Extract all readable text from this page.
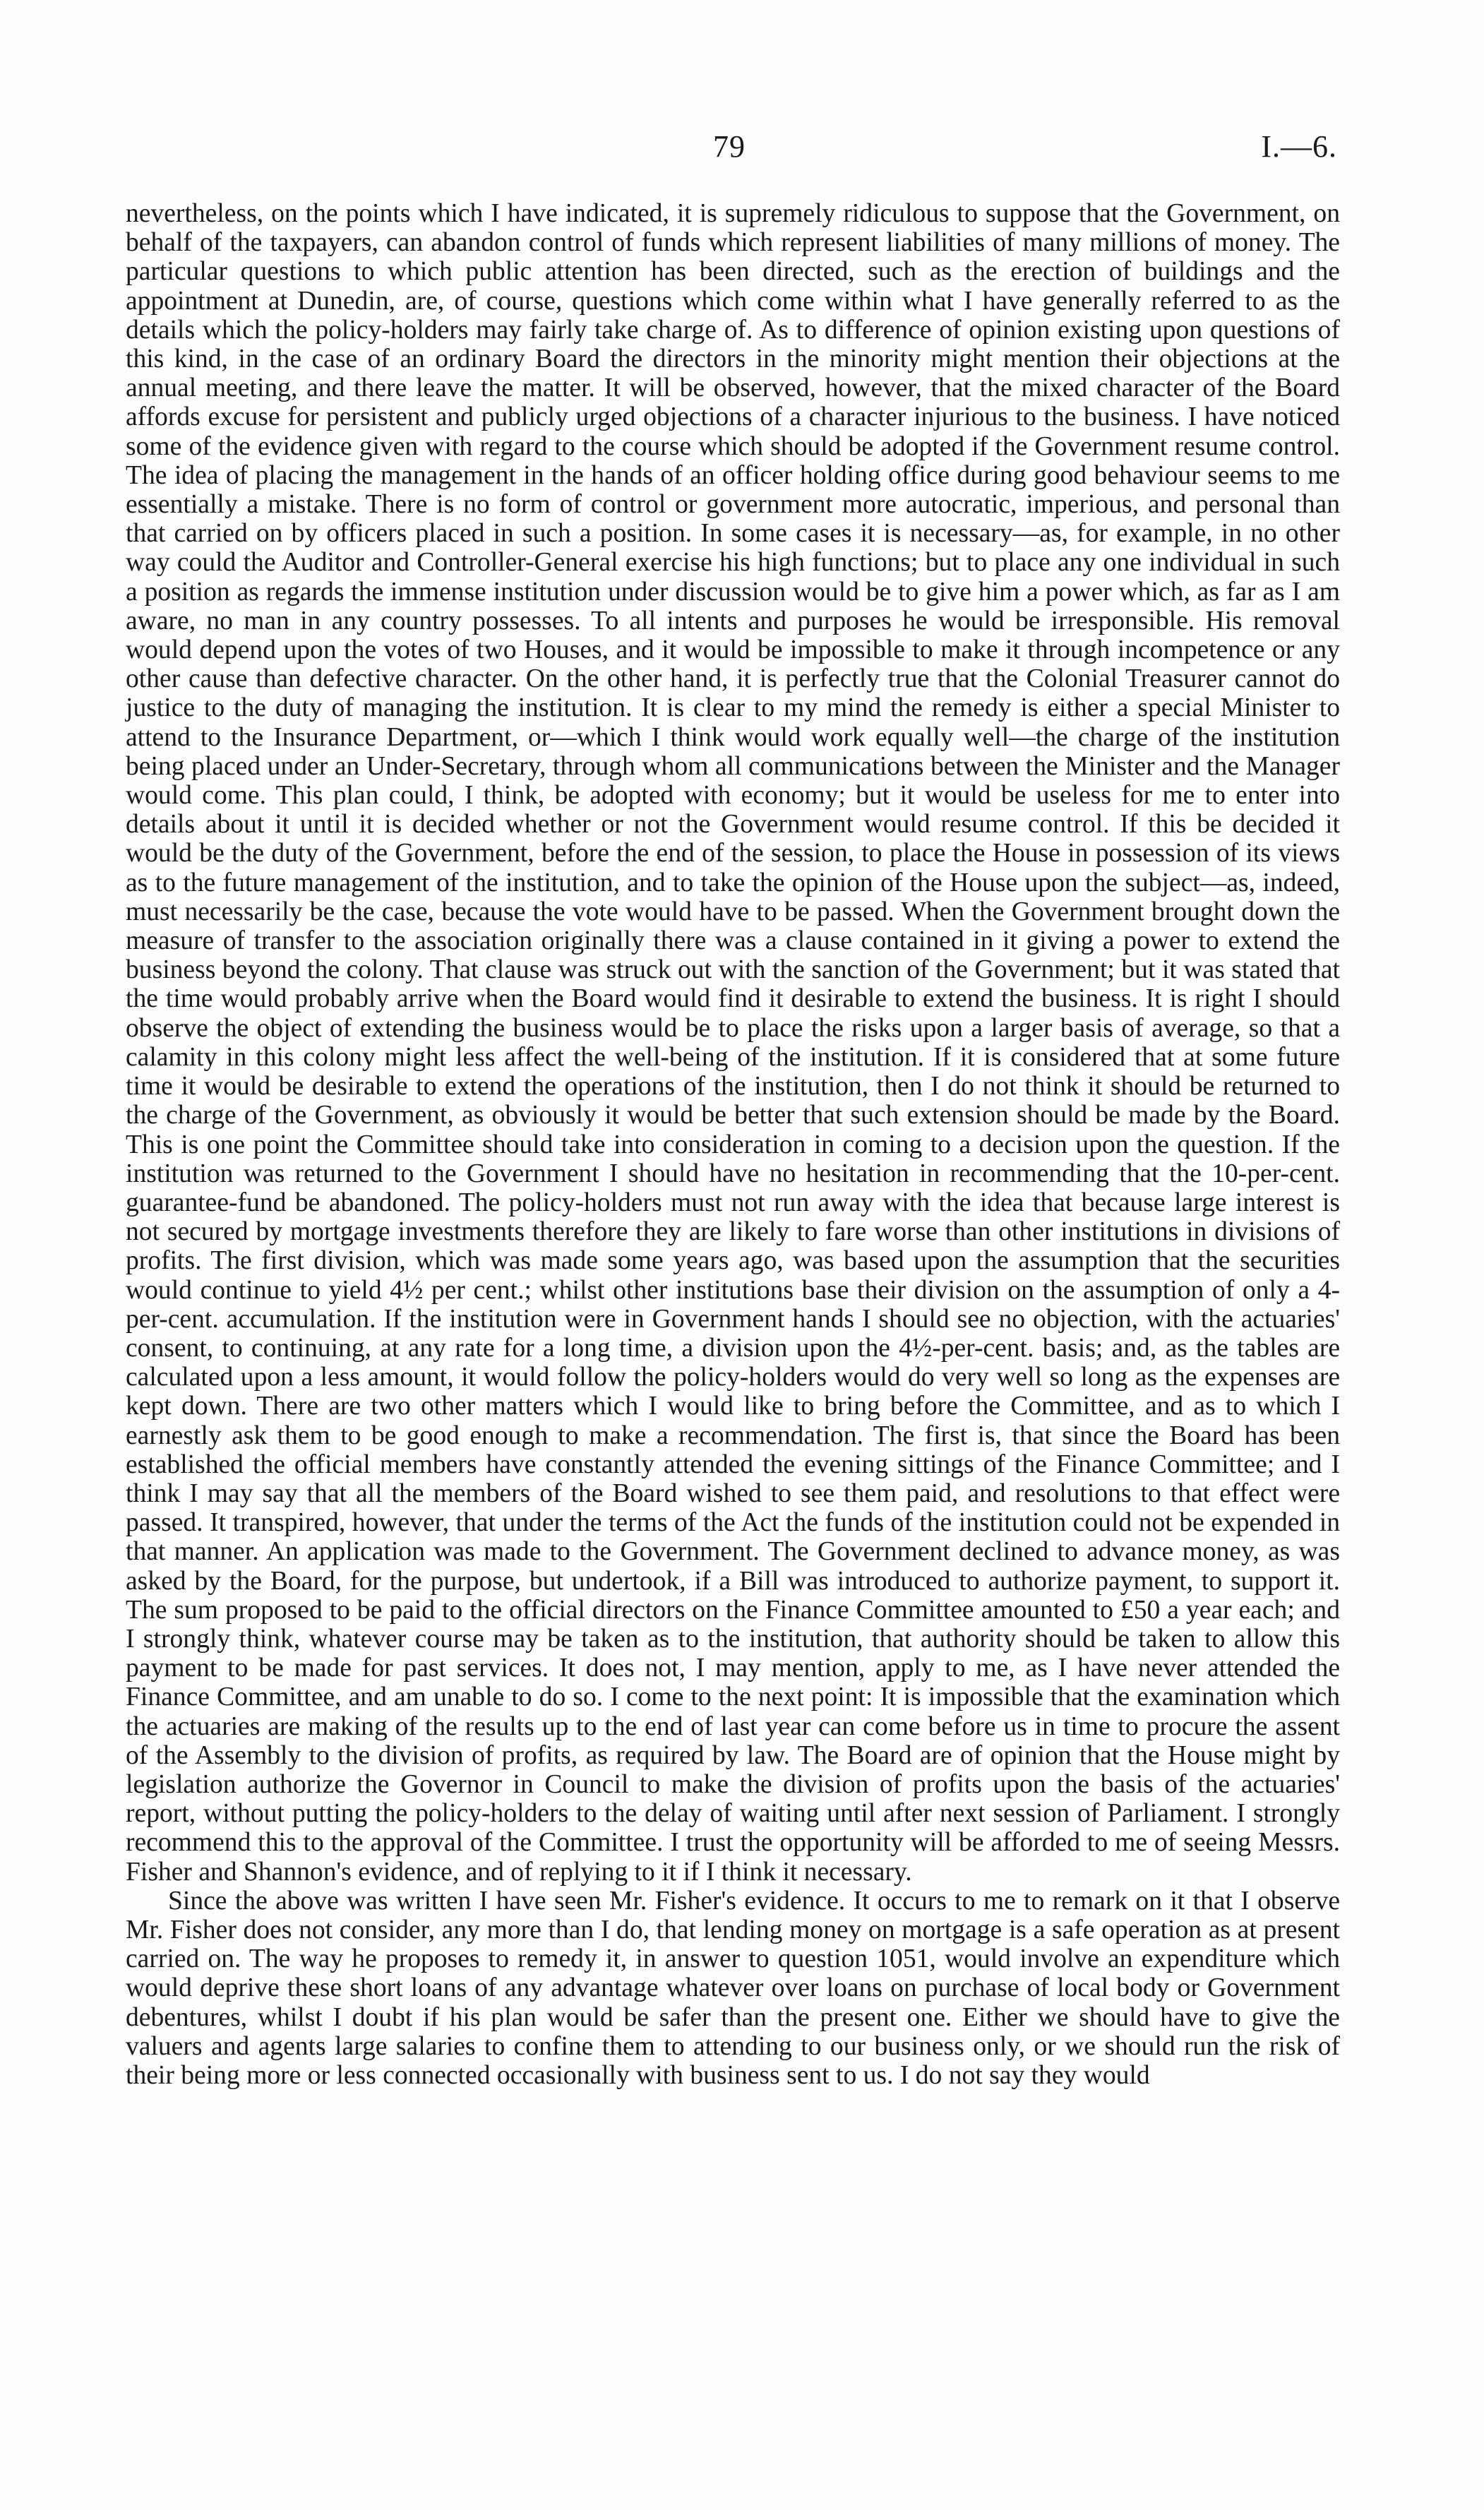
79	I.—6.

nevertheless, on the points which I have indicated, it is supremely ridiculous to suppose that the Government, on behalf of the taxpayers, can abandon control of funds which represent liabilities of many millions of money. The particular questions to which public attention has been directed, such as the erection of buildings and the appointment at Dunedin, are, of course, questions which come within what I have generally referred to as the details which the policy-holders may fairly take charge of. As to difference of opinion existing upon questions of this kind, in the case of an ordinary Board the directors in the minority might mention their objections at the annual meeting, and there leave the matter. It will be observed, however, that the mixed character of the Board affords excuse for persistent and publicly urged objections of a character injurious to the business. I have noticed some of the evidence given with regard to the course which should be adopted if the Government resume control. The idea of placing the management in the hands of an officer holding office during good behaviour seems to me essentially a mistake. There is no form of control or government more autocratic, imperious, and personal than that carried on by officers placed in such a position. In some cases it is necessary—as, for example, in no other way could the Auditor and Controller-General exercise his high functions; but to place any one individual in such a position as regards the immense institution under discussion would be to give him a power which, as far as I am aware, no man in any country possesses. To all intents and purposes he would be irresponsible. His removal would depend upon the votes of two Houses, and it would be impossible to make it through incompetence or any other cause than defective character. On the other hand, it is perfectly true that the Colonial Treasurer cannot do justice to the duty of managing the institution. It is clear to my mind the remedy is either a special Minister to attend to the Insurance Department, or—which I think would work equally well—the charge of the institution being placed under an Under-Secretary, through whom all communications between the Minister and the Manager would come. This plan could, I think, be adopted with economy; but it would be useless for me to enter into details about it until it is decided whether or not the Government would resume control. If this be decided it would be the duty of the Government, before the end of the session, to place the House in possession of its views as to the future management of the institution, and to take the opinion of the House upon the subject—as, indeed, must necessarily be the case, because the vote would have to be passed. When the Government brought down the measure of transfer to the association originally there was a clause contained in it giving a power to extend the business beyond the colony. That clause was struck out with the sanction of the Government; but it was stated that the time would probably arrive when the Board would find it desirable to extend the business. It is right I should observe the object of extending the business would be to place the risks upon a larger basis of average, so that a calamity in this colony might less affect the well-being of the institution. If it is considered that at some future time it would be desirable to extend the operations of the institution, then I do not think it should be returned to the charge of the Government, as obviously it would be better that such extension should be made by the Board. This is one point the Committee should take into consideration in coming to a decision upon the question. If the institution was returned to the Government I should have no hesitation in recommending that the 10-per-cent. guarantee-fund be abandoned. The policy-holders must not run away with the idea that because large interest is not secured by mortgage investments therefore they are likely to fare worse than other institutions in divisions of profits. The first division, which was made some years ago, was based upon the assumption that the securities would continue to yield 4½ per cent.; whilst other institutions base their division on the assumption of only a 4-per-cent. accumulation. If the institution were in Government hands I should see no objection, with the actuaries' consent, to continuing, at any rate for a long time, a division upon the 4½-per-cent. basis; and, as the tables are calculated upon a less amount, it would follow the policy-holders would do very well so long as the expenses are kept down. There are two other matters which I would like to bring before the Committee, and as to which I earnestly ask them to be good enough to make a recommendation. The first is, that since the Board has been established the official members have constantly attended the evening sittings of the Finance Committee; and I think I may say that all the members of the Board wished to see them paid, and resolutions to that effect were passed. It transpired, however, that under the terms of the Act the funds of the institution could not be expended in that manner. An application was made to the Government. The Government declined to advance money, as was asked by the Board, for the purpose, but undertook, if a Bill was introduced to authorize payment, to support it. The sum proposed to be paid to the official directors on the Finance Committee amounted to £50 a year each; and I strongly think, whatever course may be taken as to the institution, that authority should be taken to allow this payment to be made for past services. It does not, I may mention, apply to me, as I have never attended the Finance Committee, and am unable to do so. I come to the next point: It is impossible that the examination which the actuaries are making of the results up to the end of last year can come before us in time to procure the assent of the Assembly to the division of profits, as required by law. The Board are of opinion that the House might by legislation authorize the Governor in Council to make the division of profits upon the basis of the actuaries' report, without putting the policy-holders to the delay of waiting until after next session of Parliament. I strongly recommend this to the approval of the Committee. I trust the opportunity will be afforded to me of seeing Messrs. Fisher and Shannon's evidence, and of replying to it if I think it necessary.

Since the above was written I have seen Mr. Fisher's evidence. It occurs to me to remark on it that I observe Mr. Fisher does not consider, any more than I do, that lending money on mortgage is a safe operation as at present carried on. The way he proposes to remedy it, in answer to question 1051, would involve an expenditure which would deprive these short loans of any advantage whatever over loans on purchase of local body or Government debentures, whilst I doubt if his plan would be safer than the present one. Either we should have to give the valuers and agents large salaries to confine them to attending to our business only, or we should run the risk of their being more or less connected occasionally with business sent to us. I do not say they would
